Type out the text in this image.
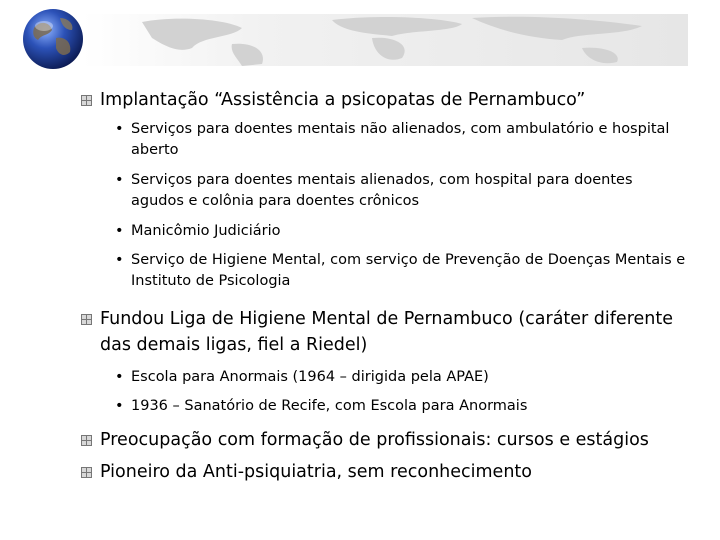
Implantação “Assistência a psicopatas de Pernambuco”
• Serviços para doentes mentais não alienados, com ambulatório e hospital aberto
• Serviços para doentes mentais alienados, com hospital para doentes agudos e colônia para doentes crônicos
• Manicômio Judiciário
• Serviço de Higiene Mental, com serviço de Prevenção de Doenças Mentais e Instituto de Psicologia
Fundou Liga de Higiene Mental de Pernambuco (caráter diferente das demais ligas, fiel a Riedel)
• Escola para Anormais (1964 – dirigida pela APAE)
• 1936 – Sanatório de Recife, com Escola para Anormais
Preocupação com formação de profissionais: cursos e estágios
Pioneiro da Anti-psiquiatria, sem reconhecimento
